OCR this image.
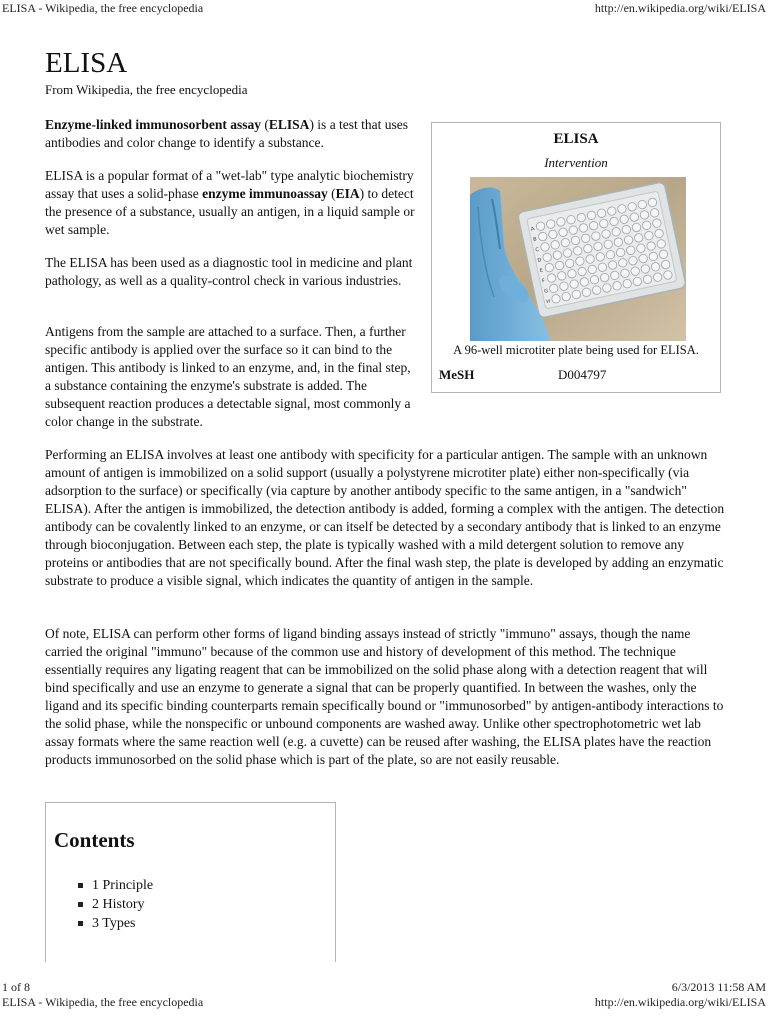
ELISA - Wikipedia, the free encyclopedia	http://en.wikipedia.org/wiki/ELISA
ELISA
From Wikipedia, the free encyclopedia

Enzyme-linked immunosorbent assay (ELISA) is a test that uses antibodies and color change to identify a substance.

ELISA is a popular format of a "wet-lab" type analytic biochemistry assay that uses a solid-phase enzyme immunoassay (EIA) to detect the presence of a substance, usually an antigen, in a liquid sample or wet sample.

The ELISA has been used as a diagnostic tool in medicine and plant pathology, as well as a quality-control check in various industries.

Antigens from the sample are attached to a surface. Then, a further specific antibody is applied over the surface so it can bind to the antigen. This antibody is linked to an enzyme, and, in the final step, a substance containing the enzyme's substrate is added. The subsequent reaction produces a detectable signal, most commonly a color change in the substrate.

ELISA
Intervention
A
B
C
D
E
F
G
H
A 96-well microtiter plate being used for ELISA.
MeSH	D004797

Performing an ELISA involves at least one antibody with specificity for a particular antigen. The sample with an unknown amount of antigen is immobilized on a solid support (usually a polystyrene microtiter plate) either non-specifically (via adsorption to the surface) or specifically (via capture by another antibody specific to the same antigen, in a "sandwich" ELISA). After the antigen is immobilized, the detection antibody is added, forming a complex with the antigen. The detection antibody can be covalently linked to an enzyme, or can itself be detected by a secondary antibody that is linked to an enzyme through bioconjugation. Between each step, the plate is typically washed with a mild detergent solution to remove any proteins or antibodies that are not specifically bound. After the final wash step, the plate is developed by adding an enzymatic substrate to produce a visible signal, which indicates the quantity of antigen in the sample.

Of note, ELISA can perform other forms of ligand binding assays instead of strictly "immuno" assays, though the name carried the original "immuno" because of the common use and history of development of this method. The technique essentially requires any ligating reagent that can be immobilized on the solid phase along with a detection reagent that will bind specifically and use an enzyme to generate a signal that can be properly quantified. In between the washes, only the ligand and its specific binding counterparts remain specifically bound or "immunosorbed" by antigen-antibody interactions to the solid phase, while the nonspecific or unbound components are washed away. Unlike other spectrophotometric wet lab assay formats where the same reaction well (e.g. a cuvette) can be reused after washing, the ELISA plates have the reaction products immunosorbed on the solid phase which is part of the plate, so are not easily reusable.

Contents
1 Principle
2 History
3 Types
1 of 8	6/3/2013 11:58 AM
ELISA - Wikipedia, the free encyclopedia	http://en.wikipedia.org/wiki/ELISA
